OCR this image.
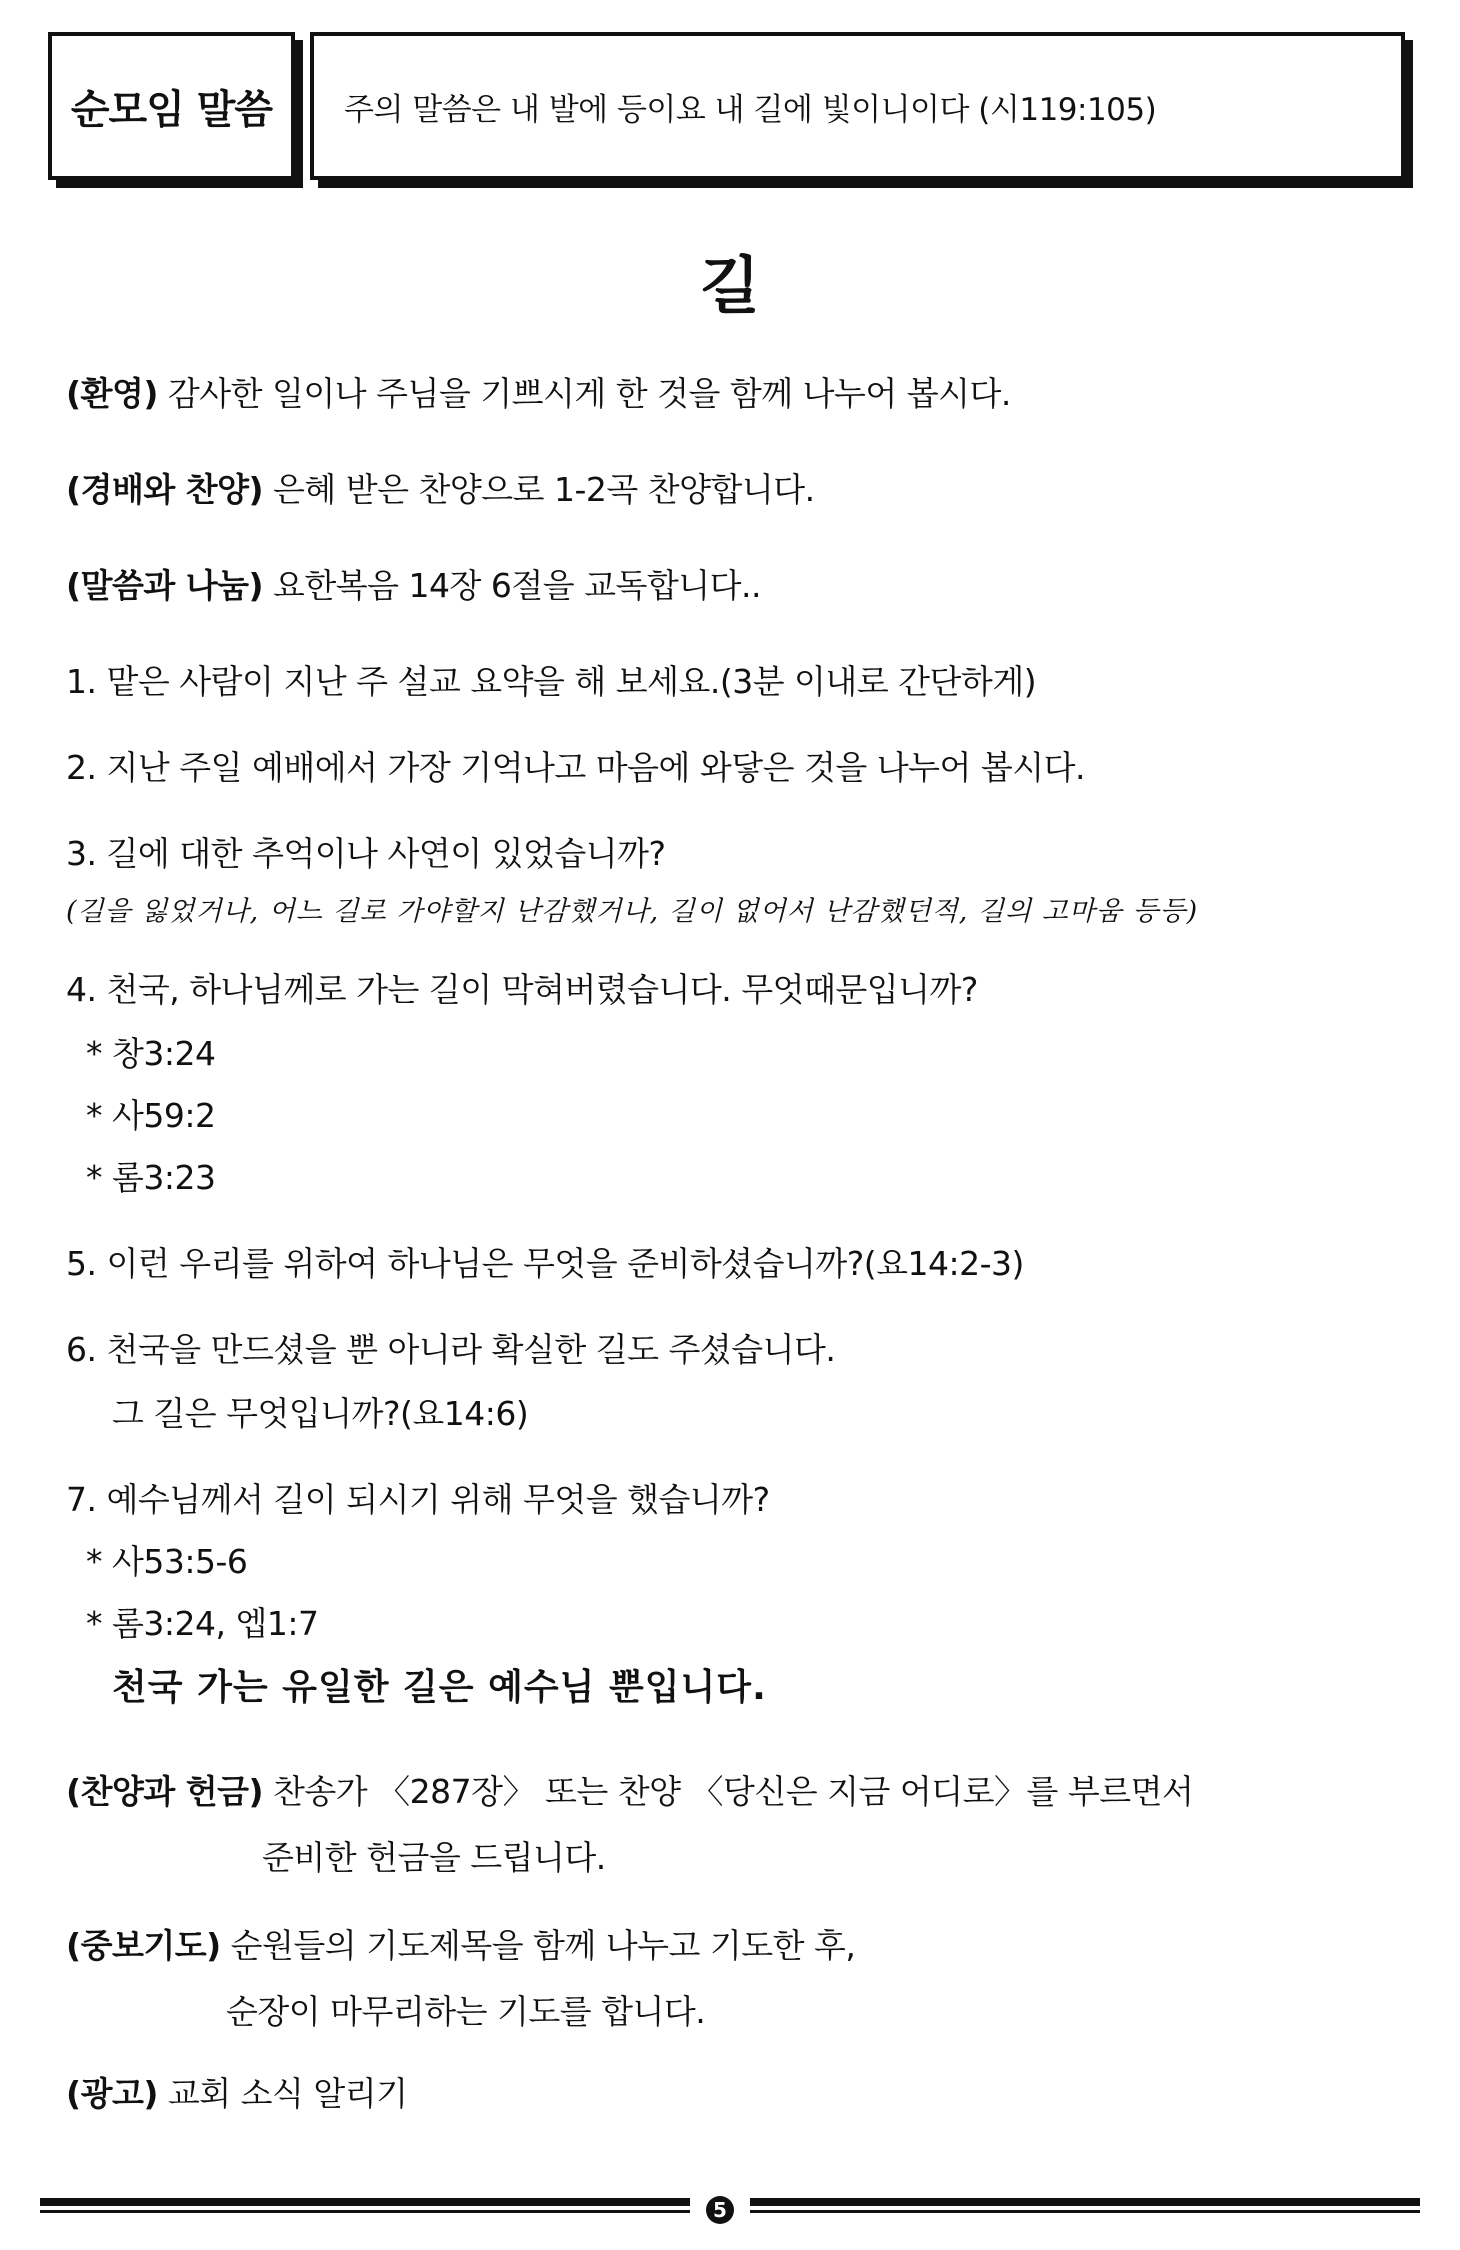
순모임 말씀	주의 말씀은 내 발에 등이요 내 길에 빛이니이다 (시119:105)
길
(환영) 감사한 일이나 주님을 기쁘시게 한 것을 함께 나누어 봅시다.
(경배와 찬양) 은혜 받은 찬양으로 1-2곡 찬양합니다.
(말씀과 나눔) 요한복음 14장 6절을 교독합니다..
1. 맡은 사람이 지난 주 설교 요약을 해 보세요.(3분 이내로 간단하게)
2. 지난 주일 예배에서 가장 기억나고 마음에 와닿은 것을 나누어 봅시다.
3. 길에 대한 추억이나 사연이 있었습니까?
(길을 잃었거나, 어느 길로 가야할지 난감했거나, 길이 없어서 난감했던적, 길의 고마움 등등)
4. 천국, 하나님께로 가는 길이 막혀버렸습니다. 무엇때문입니까?
* 창3:24
* 사59:2
* 롬3:23
5. 이런 우리를 위하여 하나님은 무엇을 준비하셨습니까?(요14:2-3)
6. 천국을 만드셨을 뿐 아니라 확실한 길도 주셨습니다.
그 길은 무엇입니까?(요14:6)
7. 예수님께서 길이 되시기 위해 무엇을 했습니까?
* 사53:5-6
* 롬3:24, 엡1:7
천국 가는 유일한 길은 예수님 뿐입니다.
(찬양과 헌금) 찬송가 〈287장〉 또는 찬양 〈당신은 지금 어디로〉를 부르면서
준비한 헌금을 드립니다.
(중보기도) 순원들의 기도제목을 함께 나누고 기도한 후,
순장이 마무리하는 기도를 합니다.
(광고) 교회 소식 알리기
5
